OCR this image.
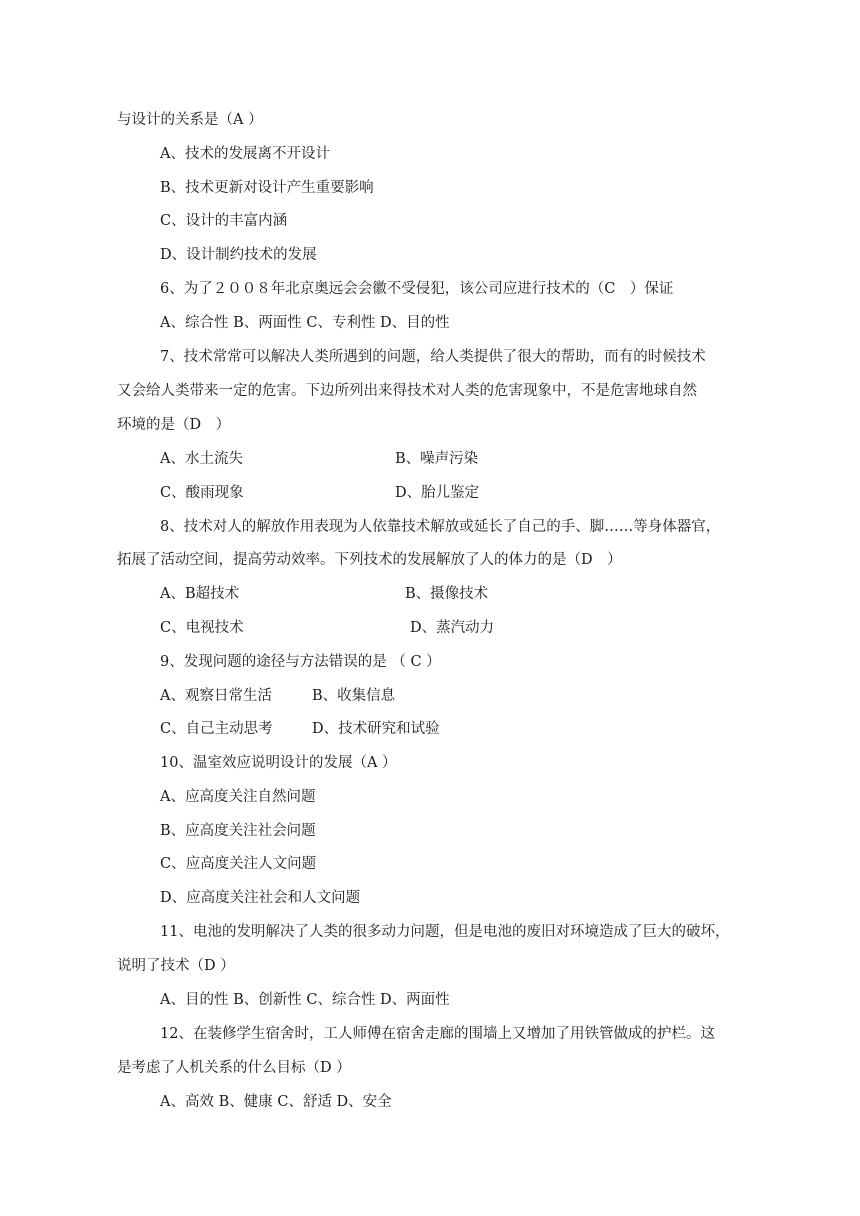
与设计的关系是（A ）
A、技术的发展离不开设计
B、技术更新对设计产生重要影响
C、设计的丰富内涵
D、设计制约技术的发展
6、为了２００８年北京奥远会会徽不受侵犯，该公司应进行技术的（C　）保证
A、综合性 B、两面性 C、专利性 D、目的性
7、技术常常可以解决人类所遇到的问题，给人类提供了很大的帮助，而有的时候技术
又会给人类带来一定的危害。下边所列出来得技术对人类的危害现象中，不是危害地球自然
环境的是（D　）
A、水土流失	B、噪声污染
C、酸雨现象	D、胎儿鉴定
8、技术对人的解放作用表现为人依靠技术解放或延长了自己的手、脚……等身体器官，
拓展了活动空间，提高劳动效率。下列技术的发展解放了人的体力的是（D　）
A、B超技术	B、摄像技术
C、电视技术	D、蒸汽动力
9、发现问题的途径与方法错误的是 （ C ）
A、观察日常生活	B、收集信息
C、自己主动思考	D、技术研究和试验
10、温室效应说明设计的发展（A ）
A、应高度关注自然问题
B、应高度关注社会问题
C、应高度关注人文问题
D、应高度关注社会和人文问题
11、电池的发明解决了人类的很多动力问题，但是电池的废旧对环境造成了巨大的破坏，
说明了技术（D ）
A、目的性 B、创新性 C、综合性 D、两面性
12、在装修学生宿舍时，工人师傅在宿舍走廊的围墙上又增加了用铁管做成的护栏。这
是考虑了人机关系的什么目标（D ）
A、高效 B、健康 C、舒适 D、安全
